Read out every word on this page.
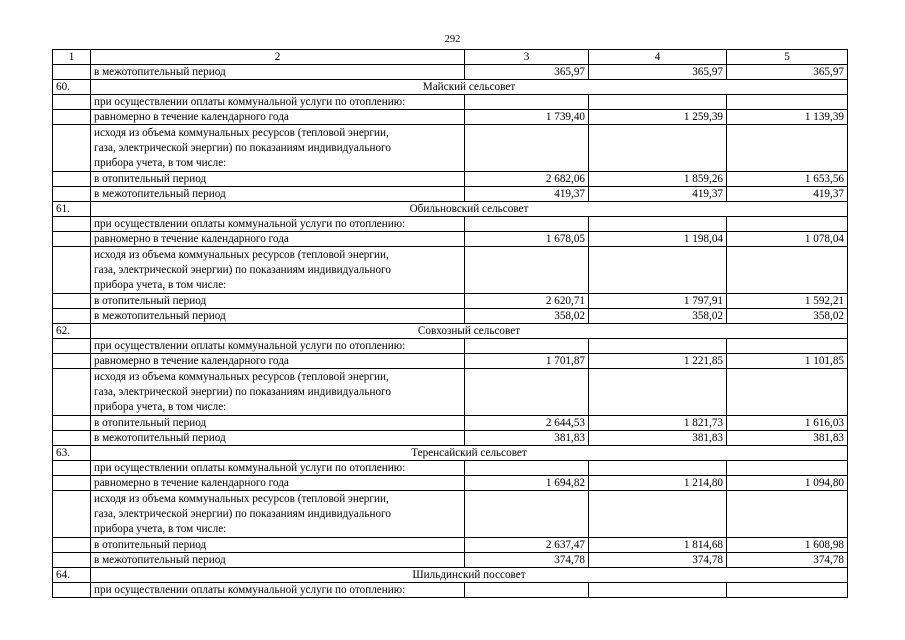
292
1	2	3	4	5
	в межотопительный период	365,97	365,97	365,97
60.	Майский сельсовет			
	при осуществлении оплаты коммунальной услуги по отоплению:			
	равномерно в течение календарного года	1 739,40	1 259,39	1 139,39

	исходя из объема коммунальных ресурсов (тепловой энергии,
газа, электрической энергии) по показаниям индивидуального
прибора учета, в том числе:			

	в отопительный период	2 682,06	1 859,26	1 653,56
	в межотопительный период	419,37	419,37	419,37
61.	Обильновский сельсовет			
	при осуществлении оплаты коммунальной услуги по отоплению:			
	равномерно в течение календарного года	1 678,05	1 198,04	1 078,04

	исходя из объема коммунальных ресурсов (тепловой энергии,
газа, электрической энергии) по показаниям индивидуального
прибора учета, в том числе:			

	в отопительный период	2 620,71	1 797,91	1 592,21
	в межотопительный период	358,02	358,02	358,02
62.	Совхозный сельсовет			
	при осуществлении оплаты коммунальной услуги по отоплению:			
	равномерно в течение календарного года	1 701,87	1 221,85	1 101,85

	исходя из объема коммунальных ресурсов (тепловой энергии,
газа, электрической энергии) по показаниям индивидуального
прибора учета, в том числе:			

	в отопительный период	2 644,53	1 821,73	1 616,03
	в межотопительный период	381,83	381,83	381,83
63.	Теренсайский сельсовет			
	при осуществлении оплаты коммунальной услуги по отоплению:			
	равномерно в течение календарного года	1 694,82	1 214,80	1 094,80

	исходя из объема коммунальных ресурсов (тепловой энергии,
газа, электрической энергии) по показаниям индивидуального
прибора учета, в том числе:			

	в отопительный период	2 637,47	1 814,68	1 608,98
	в межотопительный период	374,78	374,78	374,78
64.	Шильдинский поссовет			
	при осуществлении оплаты коммунальной услуги по отоплению:			
